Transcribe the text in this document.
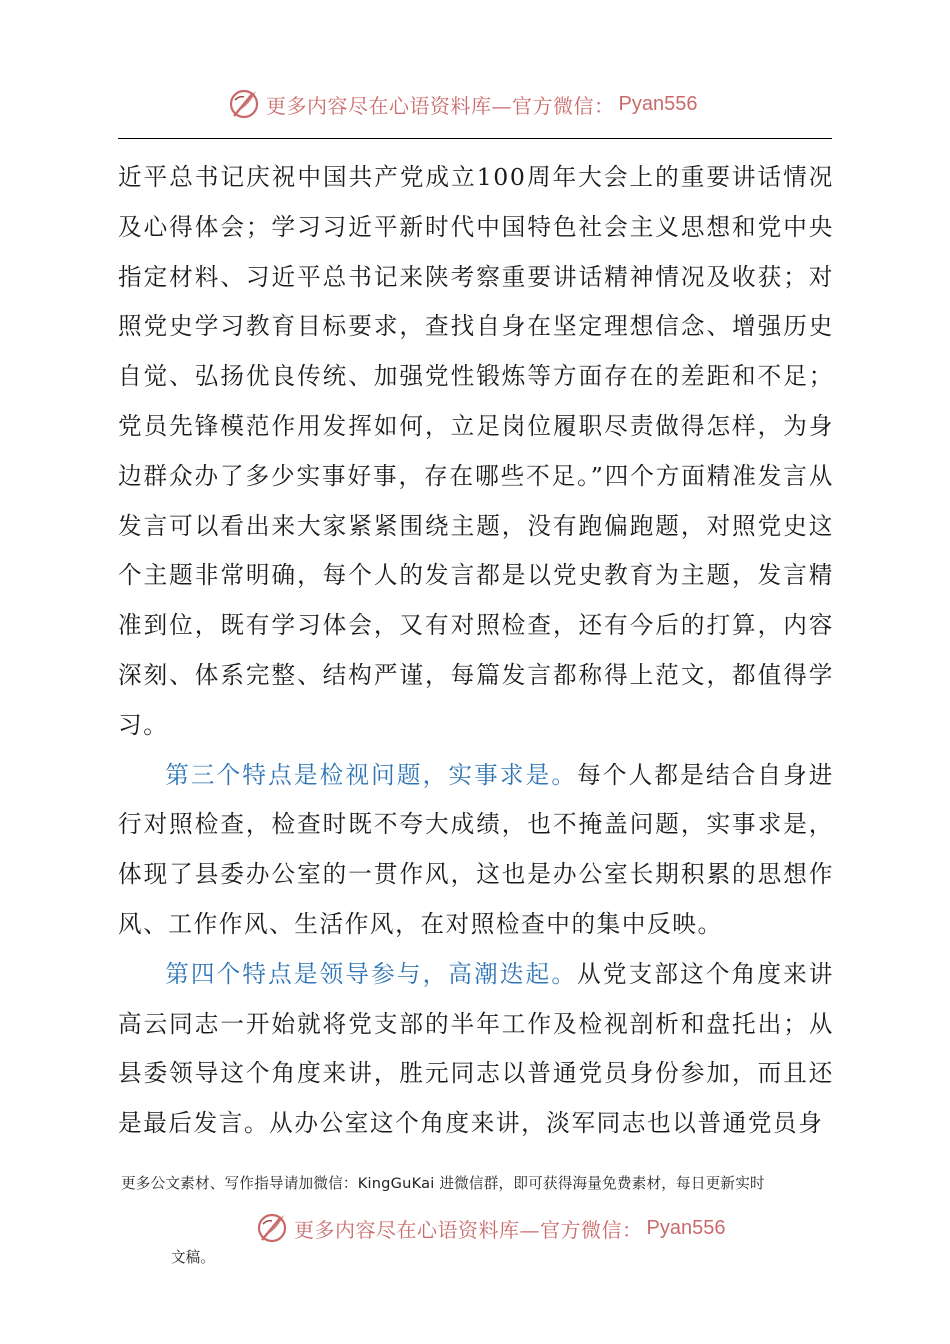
更多内容尽在心语资料库—官方微信： Pyan556

近平总书记庆祝中国共产党成立100周年大会上的重要讲话情况及心得体会；学习习近平新时代中国特色社会主义思想和党中央指定材料、习近平总书记来陕考察重要讲话精神情况及收获；对照党史学习教育目标要求，查找自身在坚定理想信念、增强历史自觉、弘扬优良传统、加强党性锻炼等方面存在的差距和不足；党员先锋模范作用发挥如何，立足岗位履职尽责做得怎样，为身边群众办了多少实事好事，存在哪些不足。”四个方面精准发言从发言可以看出来大家紧紧围绕主题，没有跑偏跑题，对照党史这个主题非常明确，每个人的发言都是以党史教育为主题，发言精准到位，既有学习体会，又有对照检查，还有今后的打算，内容深刻、体系完整、结构严谨，每篇发言都称得上范文，都值得学习。

第三个特点是检视问题，实事求是。每个人都是结合自身进行对照检查，检查时既不夸大成绩，也不掩盖问题，实事求是，体现了县委办公室的一贯作风，这也是办公室长期积累的思想作风、工作作风、生活作风，在对照检查中的集中反映。

第四个特点是领导参与，高潮迭起。从党支部这个角度来讲高云同志一开始就将党支部的半年工作及检视剖析和盘托出；从县委领导这个角度来讲，胜元同志以普通党员身份参加，而且还是最后发言。从办公室这个角度来讲，淡军同志也以普通党员身

更多公文素材、写作指导请加微信：KingGuKai 进微信群，即可获得海量免费素材，每日更新实时
更多内容尽在心语资料库—官方微信： Pyan556
文稿。
